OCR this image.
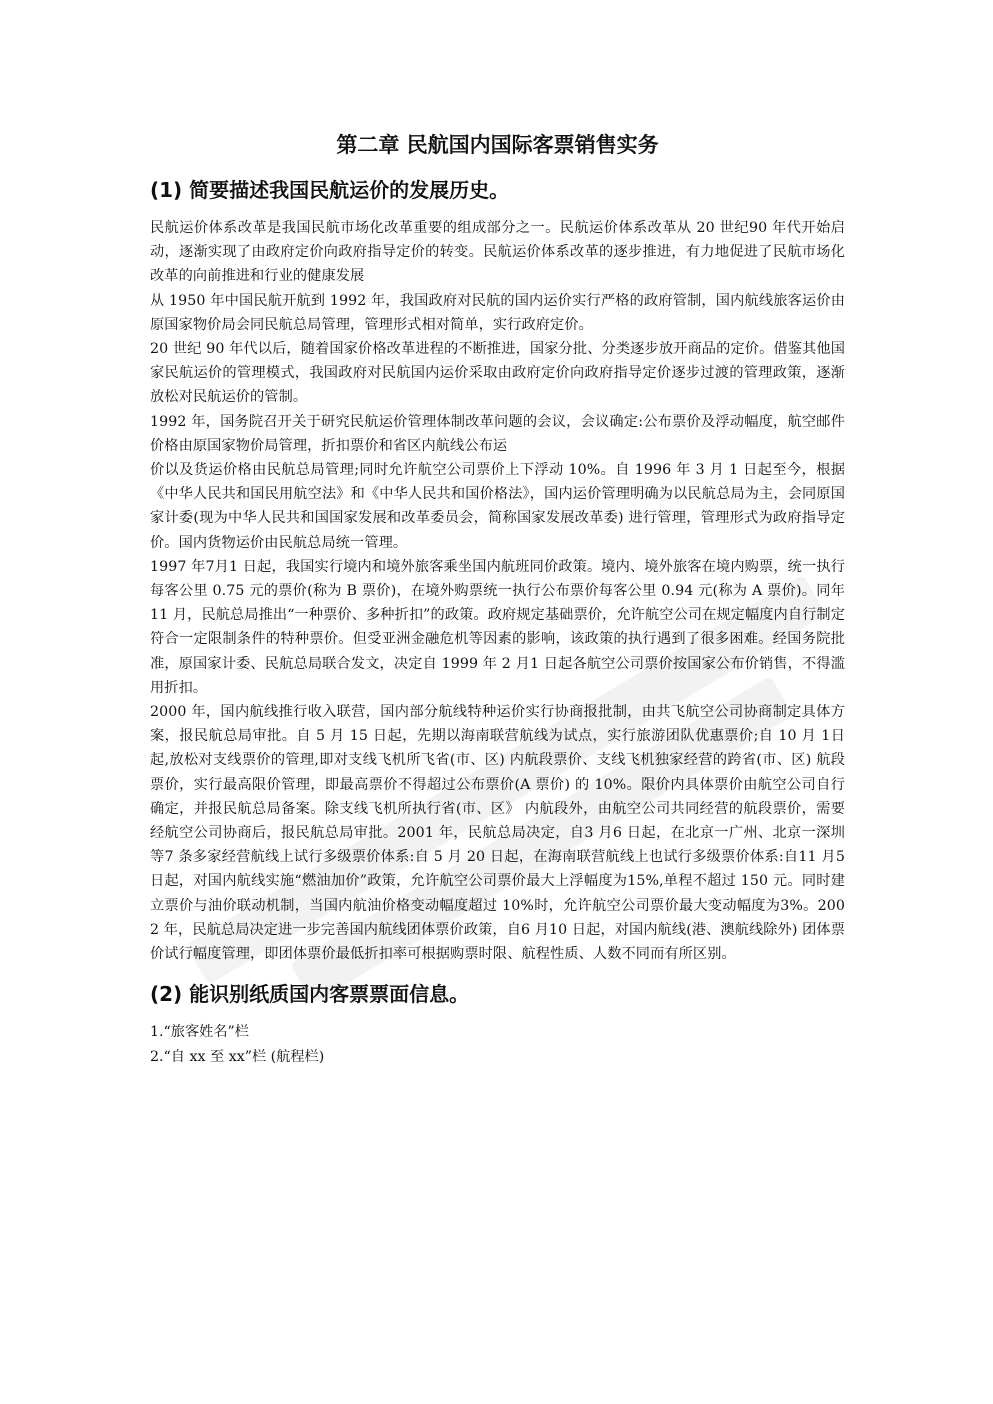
第二章 民航国内国际客票销售实务
(1) 简要描述我国民航运价的发展历史。

民航运价体系改革是我国民航市场化改革重要的组成部分之一。民航运价体系改革从 20 世纪90 年代开始启动，逐渐实现了由政府定价向政府指导定价的转变。民航运价体系改革的逐步推进，有力地促进了民航市场化改革的向前推进和行业的健康发展

从 1950 年中国民航开航到 1992 年，我国政府对民航的国内运价实行严格的政府管制，国内航线旅客运价由原国家物价局会同民航总局管理，管理形式相对简单，实行政府定价。

20 世纪 90 年代以后，随着国家价格改革进程的不断推进，国家分批、分类逐步放开商品的定价。借鉴其他国家民航运价的管理模式，我国政府对民航国内运价采取由政府定价向政府指导定价逐步过渡的管理政策，逐渐放松对民航运价的管制。

1992 年，国务院召开关于研究民航运价管理体制改革问题的会议，会议确定:公布票价及浮动幅度，航空邮件价格由原国家物价局管理，折扣票价和省区内航线公布运

价以及货运价格由民航总局管理;同时允许航空公司票价上下浮动 10%。自 1996 年 3 月 1 日起至今，根据《中华人民共和国民用航空法》和《中华人民共和国价格法》，国内运价管理明确为以民航总局为主，会同原国家计委(现为中华人民共和国国家发展和改革委员会，简称国家发展改革委) 进行管理，管理形式为政府指导定价。国内货物运价由民航总局统一管理。

1997 年7月1 日起，我国实行境内和境外旅客乘坐国内航班同价政策。境内、境外旅客在境内购票，统一执行每客公里 0.75 元的票价(称为 B 票价)，在境外购票统一执行公布票价每客公里 0.94 元(称为 A 票价)。同年 11 月，民航总局推出“一种票价、多种折扣”的政策。政府规定基础票价，允许航空公司在规定幅度内自行制定符合一定限制条件的特种票价。但受亚洲金融危机等因素的影响，该政策的执行遇到了很多困难。经国务院批准，原国家计委、民航总局联合发文，决定自 1999 年 2 月1 日起各航空公司票价按国家公布价销售，不得滥用折扣。

2000 年，国内航线推行收入联营，国内部分航线特种运价实行协商报批制，由共飞航空公司协商制定具体方案，报民航总局审批。自 5 月 15 日起，先期以海南联营航线为试点，实行旅游团队优惠票价;自 10 月 1日起,放松对支线票价的管理,即对支线飞机所飞省(市、区) 内航段票价、支线飞机独家经营的跨省(市、区) 航段票价，实行最高限价管理，即最高票价不得超过公布票价(A 票价) 的 10%。限价内具体票价由航空公司自行确定，并报民航总局备案。除支线飞机所执行省(市、区》 内航段外，由航空公司共同经营的航段票价，需要经航空公司协商后，报民航总局审批。2001 年，民航总局决定，自3 月6 日起，在北京一广州、北京一深圳等7 条多家经营航线上试行多级票价体系:自 5 月 20 日起，在海南联营航线上也试行多级票价体系:自11 月5 日起，对国内航线实施“燃油加价”政策，允许航空公司票价最大上浮幅度为15%,单程不超过 150 元。同时建立票价与油价联动机制，当国内航油价格变动幅度超过 10%时，允许航空公司票价最大变动幅度为3%。2002 年，民航总局决定进一步完善国内航线团体票价政策，自6 月10 日起，对国内航线(港、澳航线除外) 团体票价试行幅度管理，即团体票价最低折扣率可根据购票时限、航程性质、人数不同而有所区别。

(2) 能识别纸质国内客票票面信息。

1.“旅客姓名”栏

2.“自 xx 至 xx”栏 (航程栏)
